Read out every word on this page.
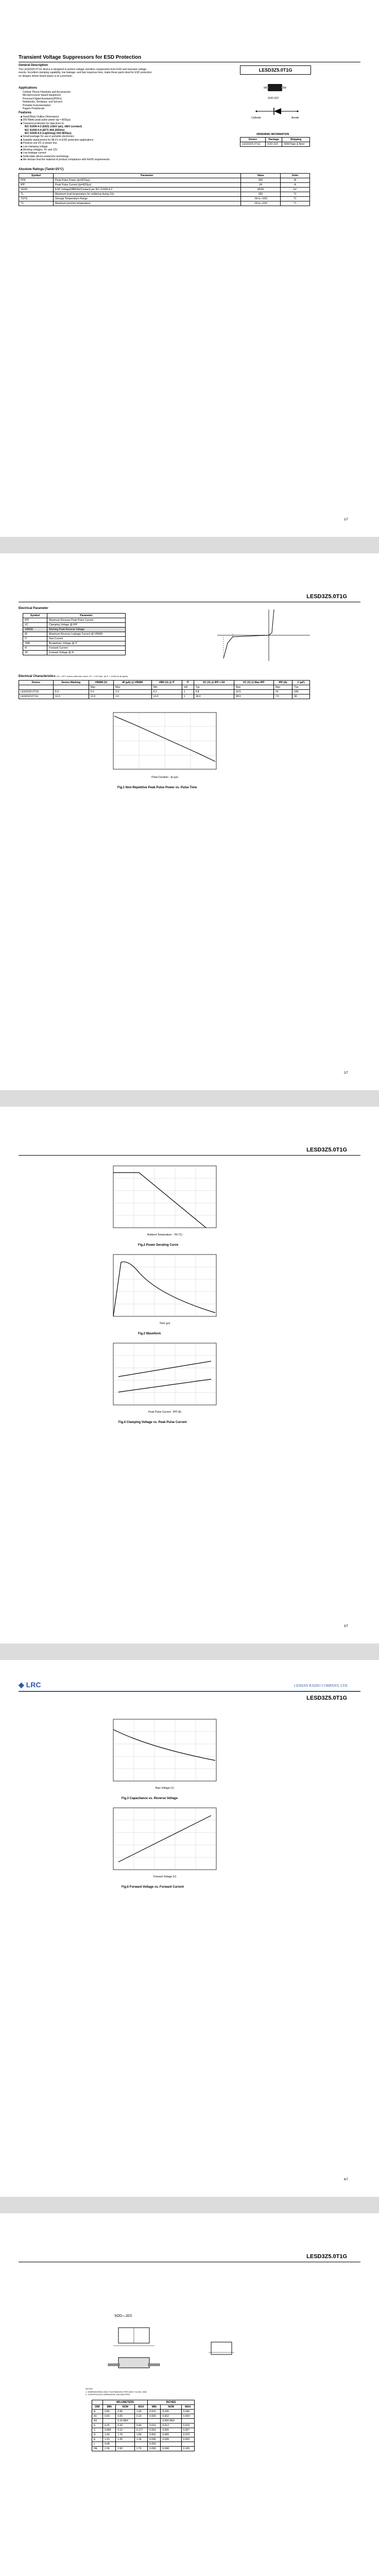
Transient Voltage Suppressors for ESD Protection
General Description
The LESD3Z5.0T1G device is designed to protect voltage sensitive components from ESD and transient voltage events. Excellent clamping capability, low leakage, and fast response time, make these parts ideal for ESD protection on designs where board space is at a premium.
Applications
Cellular Phone Handsets and Accessories
Microprocessor based equipment
Personal Digital Assistants(PDA's)
Notebooks, Desktops, and Servers
Portable Instrumentation
Pagers Peripherals
Features
■ Small Body Outline Dimensions
■ 200 Watts peak pulse power (tp = 8/20μs)
■ Transient protection for data lines to
IEC 61000-4-2 (ESD) ±15kV (air), ±8kV (contact)
IEC 61000-4-4 (EFT) 40A (5/50ns)
IEC 61000-4-5 (Lightning) 24A (8/20μs)
■ Small package for use in portable electronics
■ Suitable replacement for MLV's in ESD protection applications
■ Protects one I/O or power line
■ Low clamping voltage
■ Working voltages: 5V and 12V
■ Low leakage current
■ Solid-state silicon-avalanche technology
■ We declare that the material of product compliance with RoHS requirements
LESD3Z5.0T1G
SOD-323
Cathode	Anode
ORDERING INFORMATION
Device	Package	Shipping
LESD3Z5.0T1G	SOD-323	3000/Tape & Reel
Absolute Ratings (Tamb=25°C)
Symbol	Parameter	Value	Units
PPK	Peak Pulse Power (tp=8/20μs)	200	W
IPP	Peak Pulse Current (tp=8/20μs)	24	A
VESD	ESD Voltage(HBM Air/Contact) per IEC 61000-4-2	30/30	kV
TL	Maximum lead temperature for soldering during 10s	260	°C
TSTG	Storage Temperature Range	-55 to +150	°C
TJ	Maximum junction temperature	-55 to +150	°C
1/7
LESD3Z5.0T1G
Electrical Parameter
Symbol	Parameter
IPP	Maximum Reverse Peak Pulse Current
VC	Clamping Voltage @ IPP
VRWM	Working Peak Reverse Voltage
IR	Maximum Reverse Leakage Current @ VRWM
IT	Test Current
VBR	Breakdown Voltage @ IT
IF	Forward Current
VF	Forward Voltage @ IF
Electrical Characteristics (TA = 25°C unless otherwise noted, VF = 0.9V Max. @ IF = 10mA for all types)
Device	Device Marking	VRWM (V)	IR (μA) @ VRWM	VBR (V) @ IT	IT	VC (V) @ IPP = 5A	VC (V) @ Max IPP	IPP (A)	C (pF)
		Max	Max	Min	mA	Typ	Max	Max	Typ
LESD3Z5.0T1G	5.0	5.0	1.0	6.2	1	9.8	14.5	14	180
LESD3Z12T1G	12.0	12.0	1.0	13.3	1	18.4	28.0	7.5	90
Pulse Duration - tp (μs)
Fig.1 Non-Repetitive Peak Pulse Power vs. Pulse Time
2/7
LESD3Z5.0T1G
Ambient Temperature - TA (°C)
Fig.2 Power Derating Curve
Time (μs)
Fig.2 Waveform
Peak Pulse Current - IPP (A)
Fig.4 Clamping Voltage vs. Peak Pulse Current
3/7
◆ LRC	LESHAN RADIO COMPANY, LTD.
LESD3Z5.0T1G
Bias Voltage (V)
Fig.3 Capacitance vs. Reverse Voltage
Forward Voltage (V)
Fig.6 Forward Voltage vs. Forward Current
4/7
LESD3Z5.0T1G
SOD—323
NOTES:
1. DIMENSIONING AND TOLERANCING PER ANSI Y14.5M, 1982.
2. CONTROLLING DIMENSION: MILLIMETERS.
	MILLIMETERS			INCHES		
DIM	MIN	NOM	MAX	MIN	NOM	MAX
A	0.80	0.90	1.00	0.031	0.035	0.040
A1	0.00	0.05	0.10	0.000	0.002	0.004
A3		0.15 REF			0.006 REF	
b	0.25	0.32	0.40	0.010	0.012	0.016
C	0.089	0.12	0.177	0.003	0.005	0.007
D	1.60	1.70	1.80	0.062	0.066	0.070
E	1.15	1.25	1.35	0.045	0.049	0.053
L	0.08			0.003		
HE	2.30	2.50	2.70	0.090	0.098	0.105
